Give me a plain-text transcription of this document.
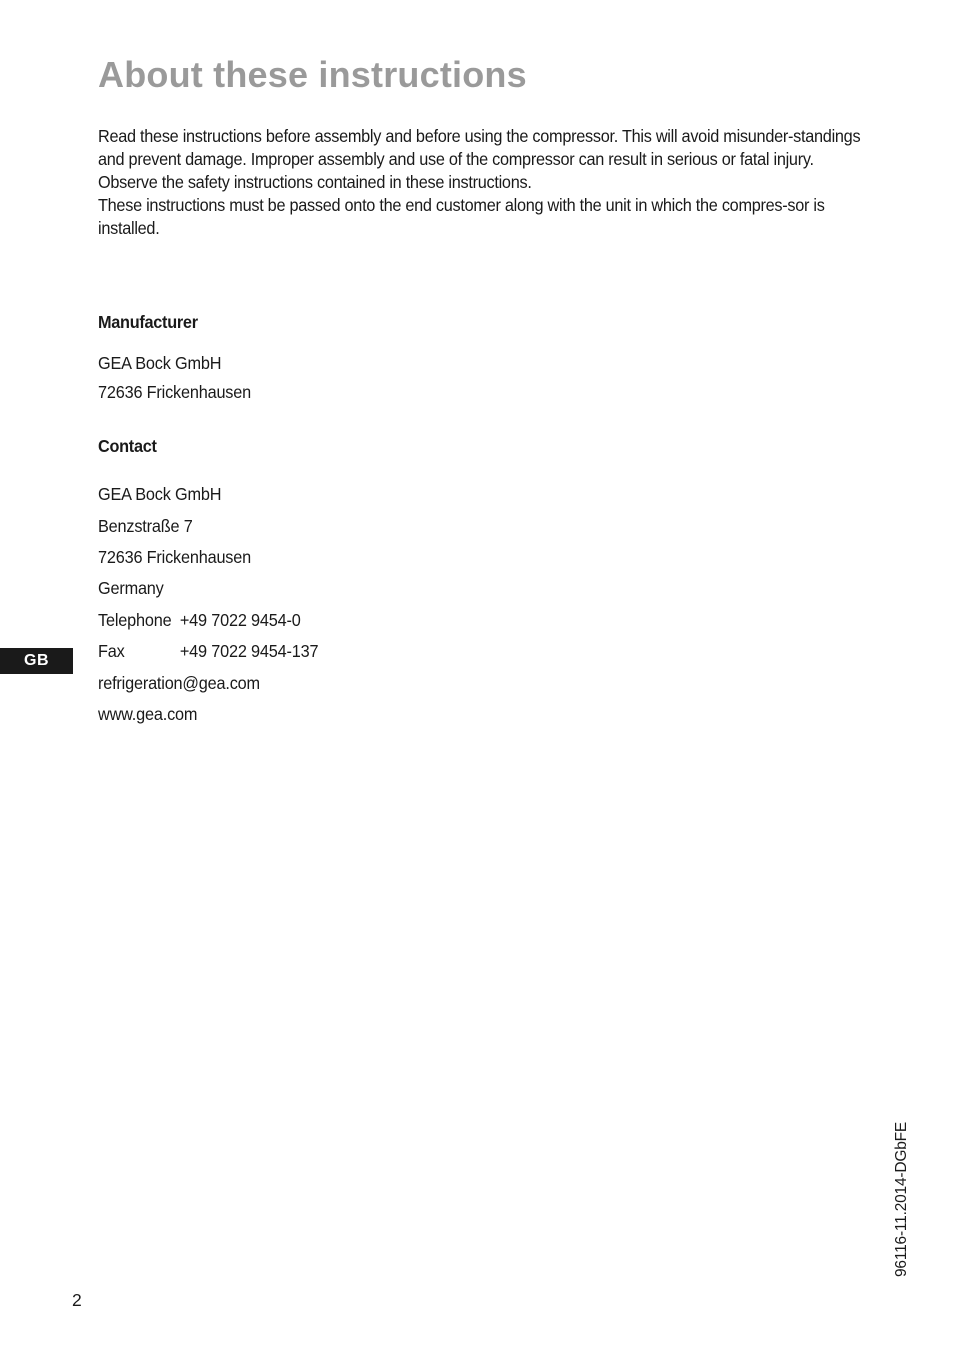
About these instructions

Read these instructions before assembly and before using the compressor. This will avoid misunder-standings and prevent damage. Improper assembly and use of the compressor can result in serious or fatal injury.

Observe the safety instructions contained in these instructions.

These instructions must be passed onto the end customer along with the unit in which the compres-sor is installed.

Manufacturer
GEA Bock GmbH
72636 Frickenhausen
Contact
GEA Bock GmbH
Benzstraße 7
72636 Frickenhausen
Germany
Telephone +49 7022 9454-0
Fax	+49 7022 9454-137
refrigeration@gea.com
www.gea.com
GB
2
96116-11.2014-DGbFE
